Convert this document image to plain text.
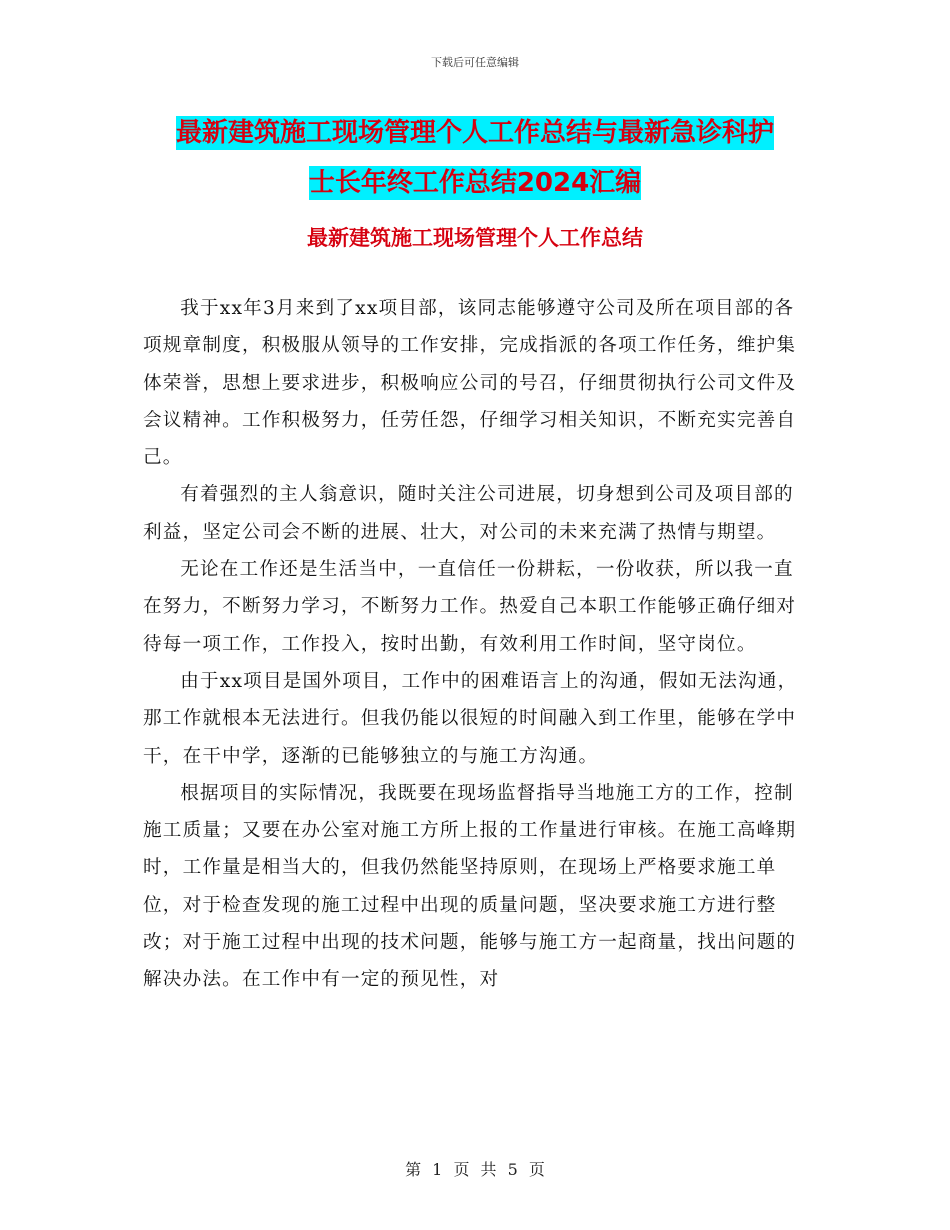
下载后可任意编辑
最新建筑施工现场管理个人工作总结与最新急诊科护
士长年终工作总结2024汇编
最新建筑施工现场管理个人工作总结

我于xx年3月来到了xx项目部，该同志能够遵守公司及所在项目部的各项规章制度，积极服从领导的工作安排，完成指派的各项工作任务，维护集体荣誉，思想上要求进步，积极响应公司的号召，仔细贯彻执行公司文件及会议精神。工作积极努力，任劳任怨，仔细学习相关知识，不断充实完善自己。

有着强烈的主人翁意识，随时关注公司进展，切身想到公司及项目部的利益，坚定公司会不断的进展、壮大，对公司的未来充满了热情与期望。

无论在工作还是生活当中，一直信任一份耕耘，一份收获，所以我一直在努力，不断努力学习，不断努力工作。热爱自己本职工作能够正确仔细对待每一项工作，工作投入，按时出勤，有效利用工作时间，坚守岗位。

由于xx项目是国外项目，工作中的困难语言上的沟通，假如无法沟通，那工作就根本无法进行。但我仍能以很短的时间融入到工作里，能够在学中干，在干中学，逐渐的已能够独立的与施工方沟通。

根据项目的实际情况，我既要在现场监督指导当地施工方的工作，控制施工质量；又要在办公室对施工方所上报的工作量进行审核。在施工高峰期时，工作量是相当大的，但我仍然能坚持原则，在现场上严格要求施工单位，对于检查发现的施工过程中出现的质量问题，坚决要求施工方进行整改；对于施工过程中出现的技术问题，能够与施工方一起商量，找出问题的解决办法。在工作中有一定的预见性，对

第 1 页 共 5 页
